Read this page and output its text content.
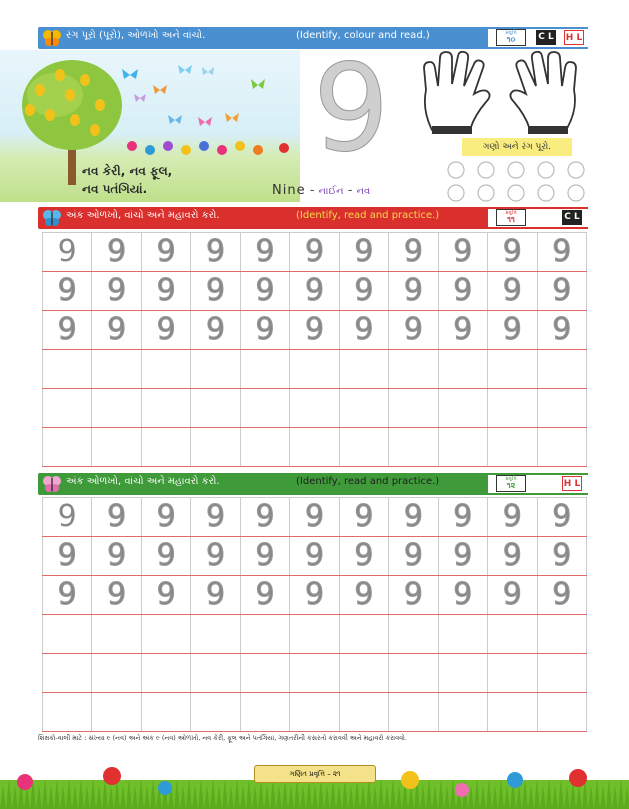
રંગ પૂરો (પૂરો), ઓળખો અને વાંચો.	(Identify, colour and read.)	પ્રવૃત્તિ
૧૦	C L H L
નવ કેરી, નવ ફૂલ,
નવ પતંગિયાં.
9
Nine - નાઈન - નવ
ગણો અને રંગ પૂરો.
અંક ઓળખો, વાંચો અને મહાવરો કરો.	(Identify, read and practice.)	પ્રવૃત્તિ
૧૧	C L
9	9	9	9	9	9	9	9	9	9	9
9	9	9	9	9	9	9	9	9	9	9
9	9	9	9	9	9	9	9	9	9	9

અંક ઓળખો, વાંચો અને મહાવરો કરો.	(Identify, read and practice.)	પ્રવૃત્તિ
૧૨	H L
9	9	9	9	9	9	9	9	9	9	9
9	9	9	9	9	9	9	9	9	9	9
9	9	9	9	9	9	9	9	9	9	9

શિક્ષકો-વાલી માટે : સંખ્યા ૯ (નવ) અને અંક ૯ (નવ) ઓળખો, નવ કેરી, ફૂલ અને પતંગિયાં, ગણતરીની કસરતો કરાવવી અને મહાવરો કરાવવો.
ગણિત પ્રવૃત્તિ – ૨૧
